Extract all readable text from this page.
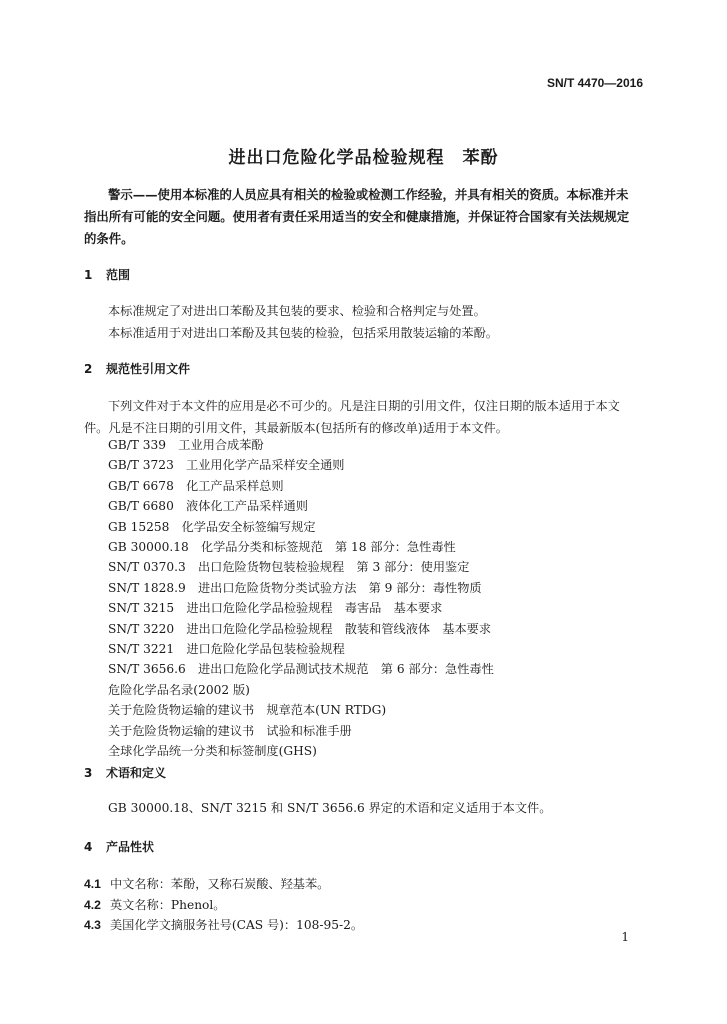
SN/T 4470—2016
进出口危险化学品检验规程　苯酚
警示——使用本标准的人员应具有相关的检验或检测工作经验，并具有相关的资质。本标准并未
指出所有可能的安全问题。使用者有责任采用适当的安全和健康措施，并保证符合国家有关法规规定
的条件。
1 范围
本标准规定了对进出口苯酚及其包装的要求、检验和合格判定与处置。
本标准适用于对进出口苯酚及其包装的检验，包括采用散装运输的苯酚。
2 规范性引用文件
下列文件对于本文件的应用是必不可少的。凡是注日期的引用文件，仅注日期的版本适用于本文
件。凡是不注日期的引用文件，其最新版本(包括所有的修改单)适用于本文件。
GB/T 339　工业用合成苯酚
GB/T 3723　工业用化学产品采样安全通则
GB/T 6678　化工产品采样总则
GB/T 6680　液体化工产品采样通则
GB 15258　化学品安全标签编写规定
GB 30000.18　化学品分类和标签规范　第 18 部分：急性毒性
SN/T 0370.3　出口危险货物包装检验规程　第 3 部分：使用鉴定
SN/T 1828.9　进出口危险货物分类试验方法　第 9 部分：毒性物质
SN/T 3215　进出口危险化学品检验规程　毒害品　基本要求
SN/T 3220　进出口危险化学品检验规程　散装和管线液体　基本要求
SN/T 3221　进口危险化学品包装检验规程
SN/T 3656.6　进出口危险化学品测试技术规范　第 6 部分：急性毒性
危险化学品名录(2002 版)
关于危险货物运输的建议书　规章范本(UN RTDG)
关于危险货物运输的建议书　试验和标准手册
全球化学品统一分类和标签制度(GHS)
3 术语和定义
GB 30000.18、SN/T 3215 和 SN/T 3656.6 界定的术语和定义适用于本文件。
4 产品性状
4.1 中文名称：苯酚，又称石炭酸、羟基苯。
4.2 英文名称：Phenol。
4.3 美国化学文摘服务社号(CAS 号)：108-95-2。
1
